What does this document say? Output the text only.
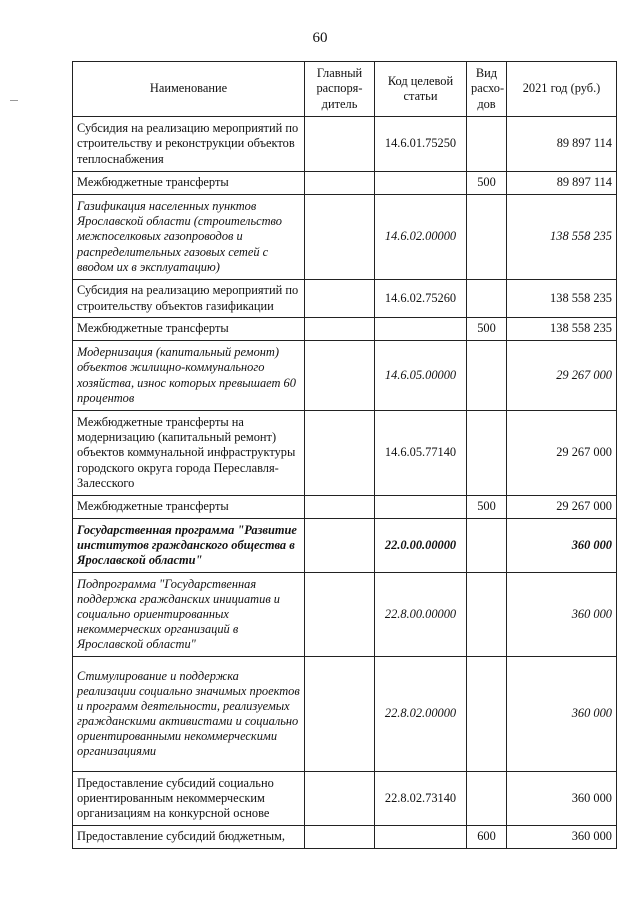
60
Наименование	Главный распоря-дитель	Код целевой статьи	Вид расхо-дов	2021 год (руб.)
Субсидия на реализацию мероприятий по строительству и реконструкции объектов теплоснабжения		14.6.01.75250		89 897 114
Межбюджетные трансферты			500	89 897 114
Газификация населенных пунктов Ярославской области (строительство межпоселковых газопроводов и распределительных газовых сетей с вводом их в эксплуатацию)		14.6.02.00000		138 558 235
Субсидия на реализацию мероприятий по строительству объектов газификации		14.6.02.75260		138 558 235
Межбюджетные трансферты			500	138 558 235
Модернизация (капитальный ремонт) объектов жилищно-коммунального хозяйства, износ которых превышает 60 процентов		14.6.05.00000		29 267 000
Межбюджетные трансферты на модернизацию (капитальный ремонт) объектов коммунальной инфраструктуры городского округа города Переславля-Залесского		14.6.05.77140		29 267 000
Межбюджетные трансферты			500	29 267 000
Государственная программа "Развитие институтов гражданского общества в Ярославской области"		22.0.00.00000		360 000
Подпрограмма "Государственная поддержка гражданских инициатив и социально ориентированных некоммерческих организаций в Ярославской области"		22.8.00.00000		360 000
Стимулирование и поддержка реализации социально значимых проектов и программ деятельности, реализуемых гражданскими активистами и социально ориентированными некоммерческими организациями		22.8.02.00000		360 000
Предоставление субсидий социально ориентированным некоммерческим организациям на конкурсной основе		22.8.02.73140		360 000
Предоставление субсидий бюджетным,			600	360 000
